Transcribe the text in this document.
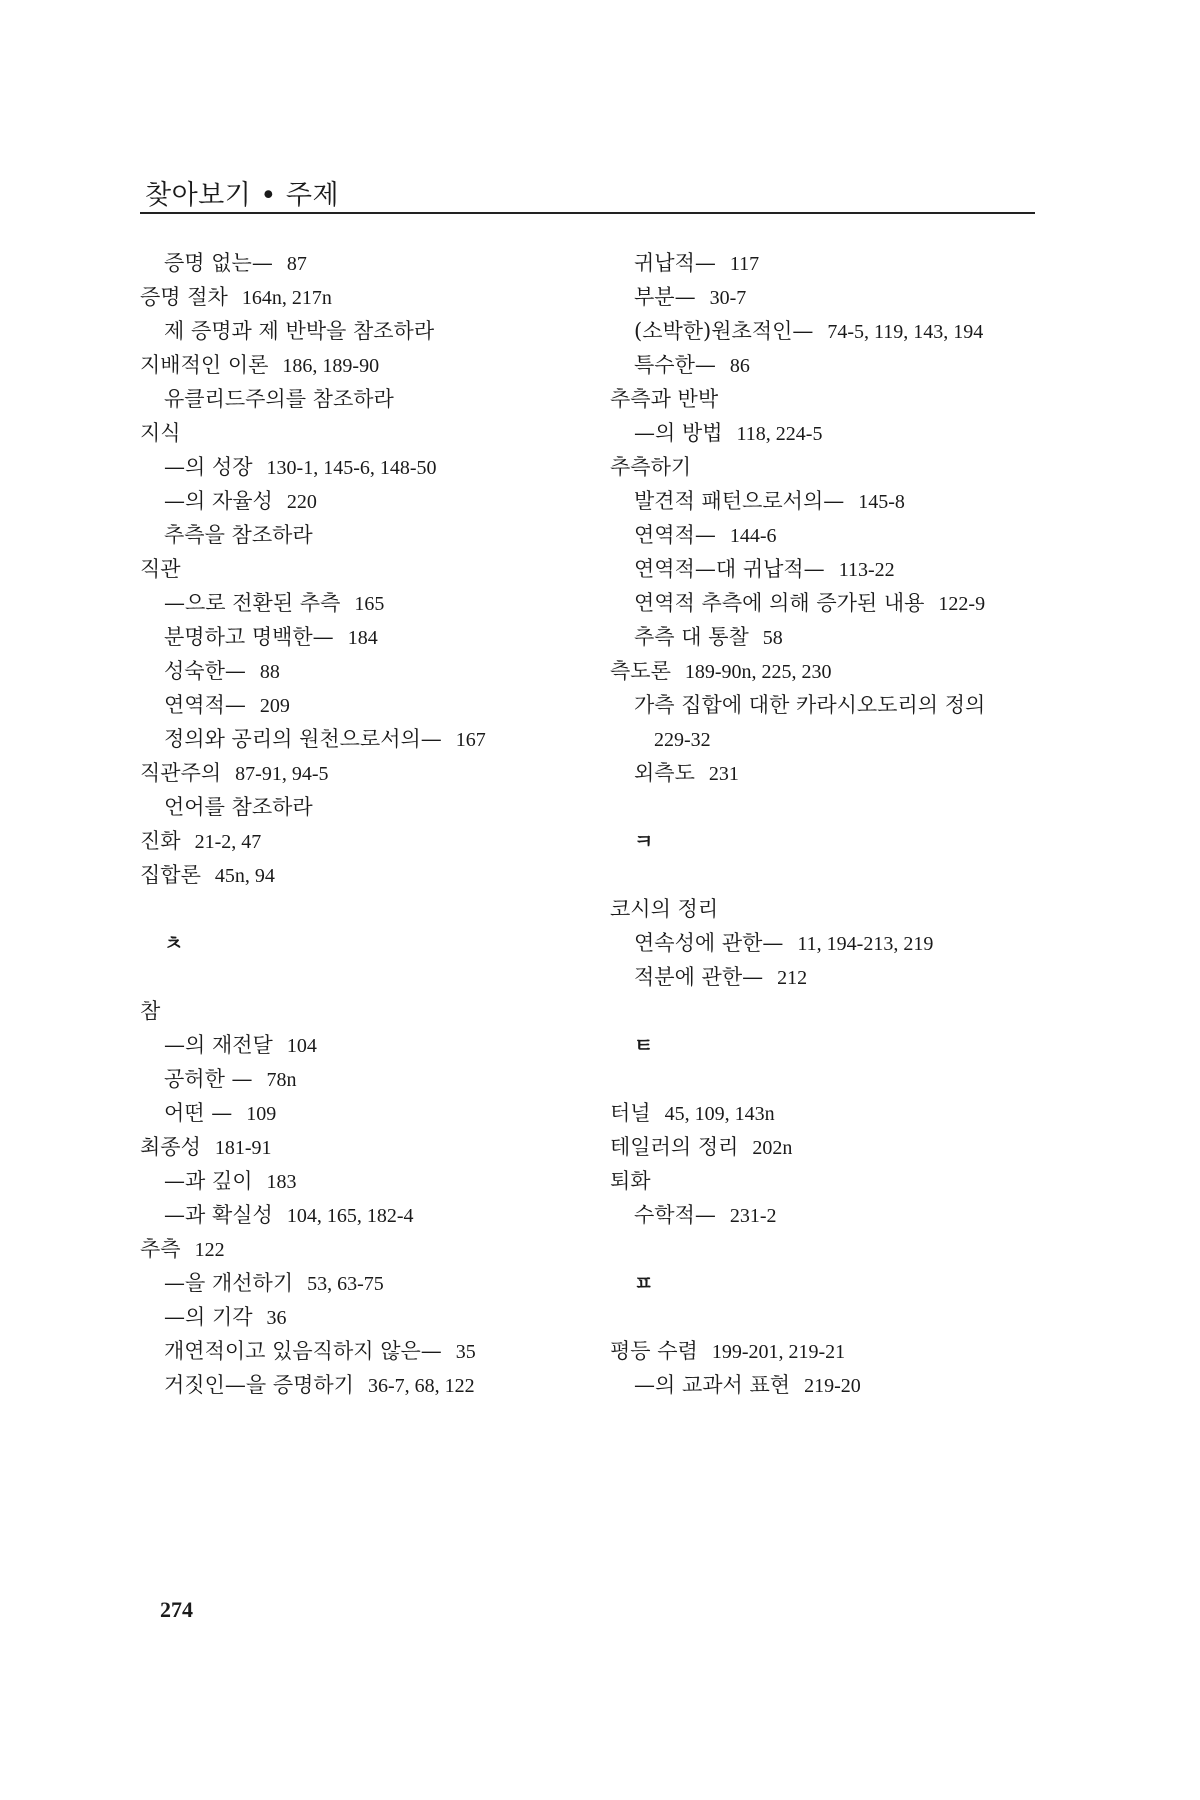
찾아보기 • 주제
증명 없는— 87
증명 절차 164n, 217n
제 증명과 제 반박을 참조하라
지배적인 이론 186, 189-90
유클리드주의를 참조하라
지식
—의 성장 130-1, 145-6, 148-50
—의 자율성 220
추측을 참조하라
직관
—으로 전환된 추측 165
분명하고 명백한— 184
성숙한— 88
연역적— 209
정의와 공리의 원천으로서의— 167
직관주의 87-91, 94-5
언어를 참조하라
진화 21-2, 47
집합론 45n, 94
ㅊ
참
—의 재전달 104
공허한 — 78n
어떤 — 109
최종성 181-91
—과 깊이 183
—과 확실성 104, 165, 182-4
추측 122
—을 개선하기 53, 63-75
—의 기각 36
개연적이고 있음직하지 않은— 35
거짓인—을 증명하기 36-7, 68, 122
귀납적— 117
부분— 30-7
(소박한)원초적인— 74-5, 119, 143, 194
특수한— 86
추측과 반박
—의 방법 118, 224-5
추측하기
발견적 패턴으로서의— 145-8
연역적— 144-6
연역적—대 귀납적— 113-22
연역적 추측에 의해 증가된 내용 122-9
추측 대 통찰 58
측도론 189-90n, 225, 230
가측 집합에 대한 카라시오도리의 정의
229-32
외측도 231
ㅋ
코시의 정리
연속성에 관한— 11, 194-213, 219
적분에 관한— 212
ㅌ
터널 45, 109, 143n
테일러의 정리 202n
퇴화
수학적— 231-2
ㅍ
평등 수렴 199-201, 219-21
—의 교과서 표현 219-20
274
